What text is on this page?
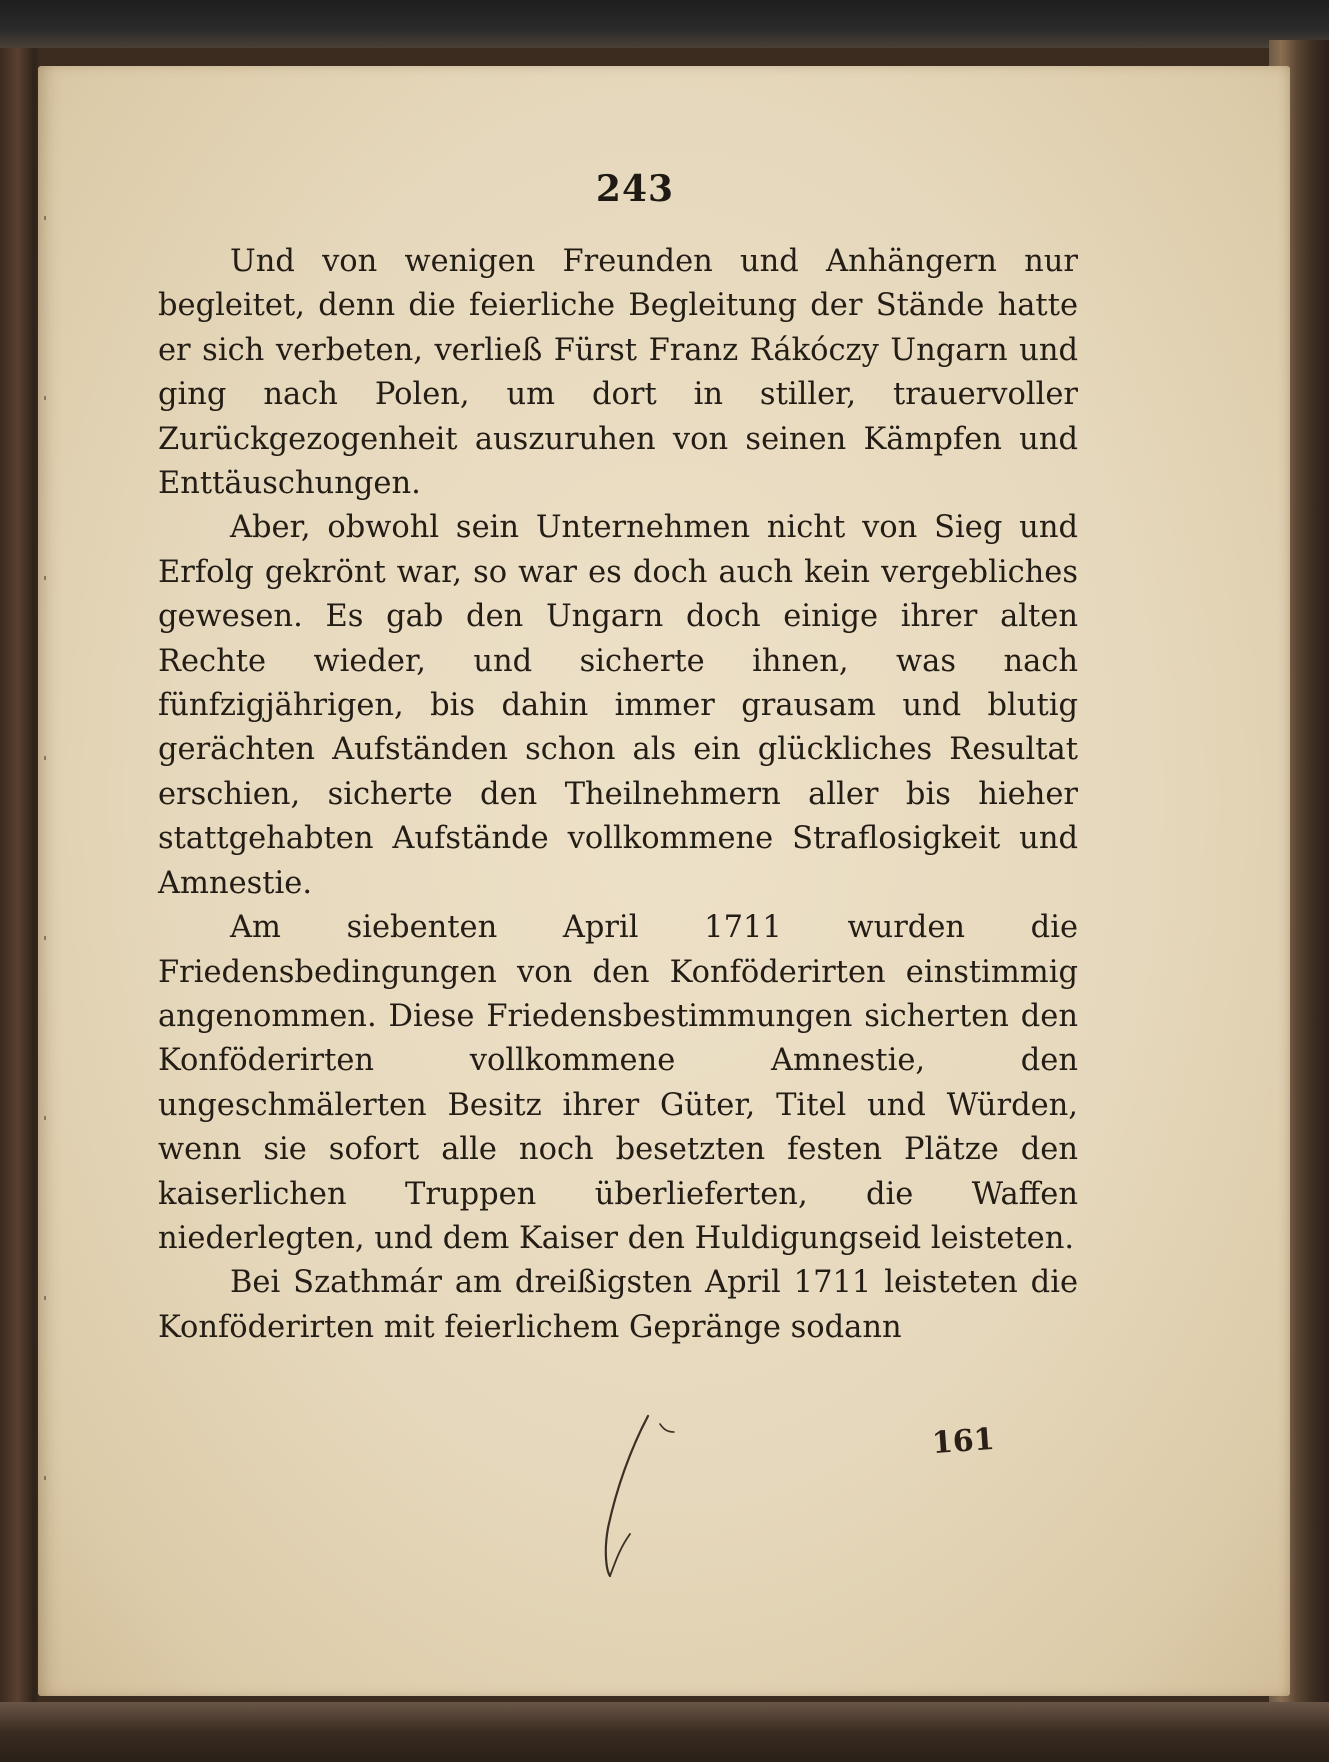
243

Und von wenigen Freunden und Anhängern nur begleitet, denn die feierliche Begleitung der Stände hatte er sich verbeten, verließ Fürst Franz Rákóczy Ungarn und ging nach Polen, um dort in stiller, trauervoller Zurückgezogenheit auszuruhen von seinen Kämpfen und Enttäuschungen.

Aber, obwohl sein Unternehmen nicht von Sieg und Erfolg gekrönt war, so war es doch auch kein vergebliches gewesen. Es gab den Ungarn doch einige ihrer alten Rechte wieder, und sicherte ihnen, was nach fünfzigjährigen, bis dahin immer grausam und blutig gerächten Aufständen schon als ein glückliches Resultat erschien, sicherte den Theilnehmern aller bis hieher stattgehabten Aufstände vollkommene Straflosigkeit und Amnestie.

Am siebenten April 1711 wurden die Friedensbedingungen von den Konföderirten einstimmig angenommen. Diese Friedensbestimmungen sicherten den Konföderirten vollkommene Amnestie, den ungeschmälerten Besitz ihrer Güter, Titel und Würden, wenn sie sofort alle noch besetzten festen Plätze den kaiserlichen Truppen überlieferten, die Waffen niederlegten, und dem Kaiser den Huldigungseid leisteten.

Bei Szathmár am dreißigsten April 1711 leisteten die Konföderirten mit feierlichem Gepränge sodann

161
